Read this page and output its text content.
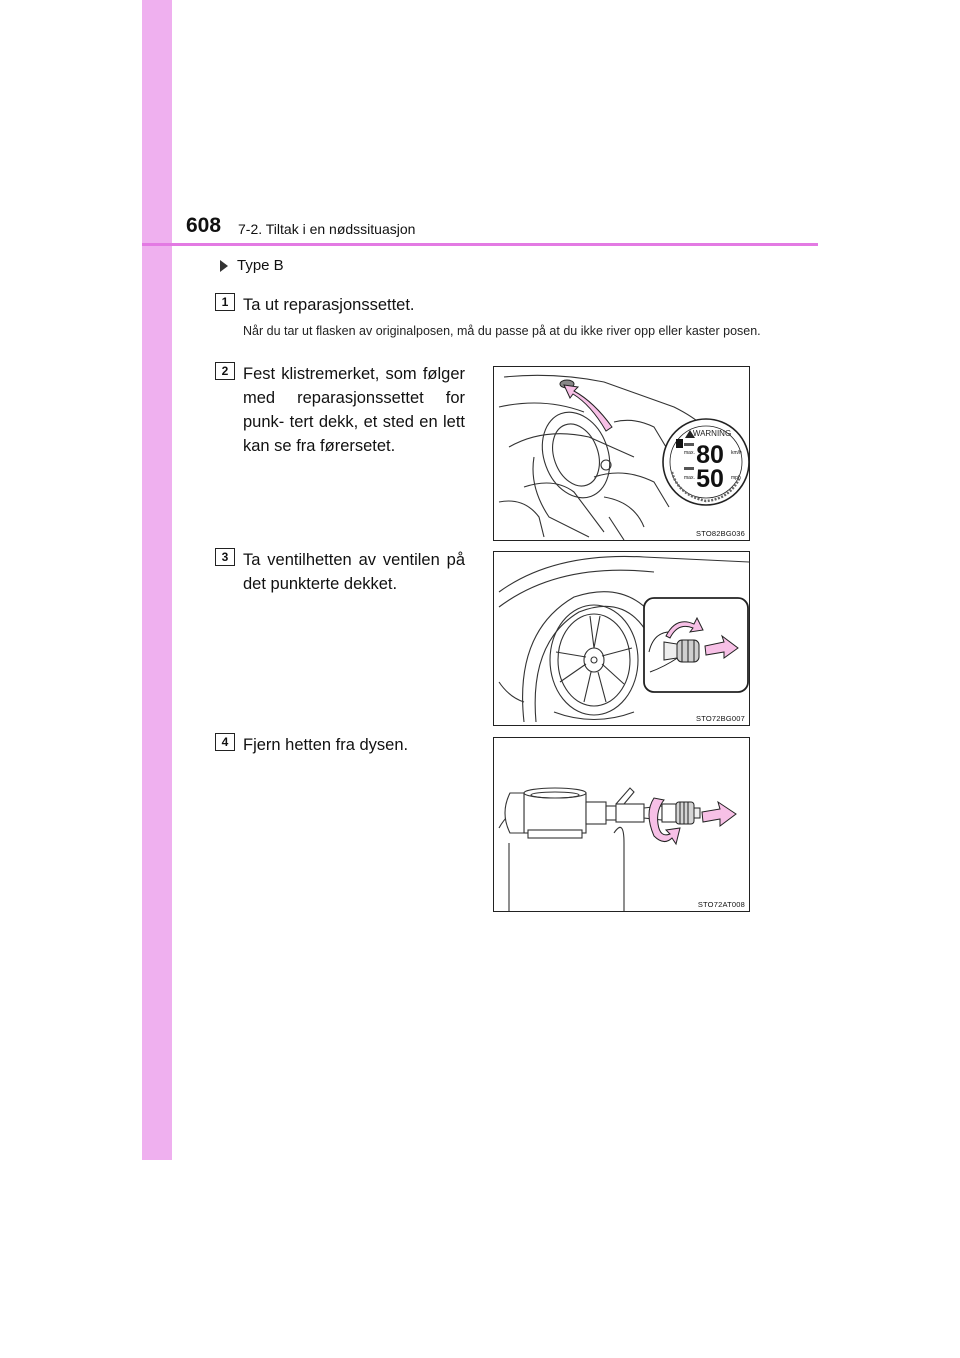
608 7-2. Tiltak i en nødssituasjon
Type B
1 Ta ut reparasjonssettet.
Når du tar ut flasken av originalposen, må du passe på at du ikke river opp eller kaster posen.
2 Fest klistremerket, som følger med reparasjonssettet for punk- tert dekk, et sted en lett kan se fra førersetet.
WARNING
80
50
km/h
mph
max.
max.
STO82BG036
3 Ta ventilhetten av ventilen på det punkterte dekket.
STO72BG007
4 Fjern hetten fra dysen.
STO72AT008
